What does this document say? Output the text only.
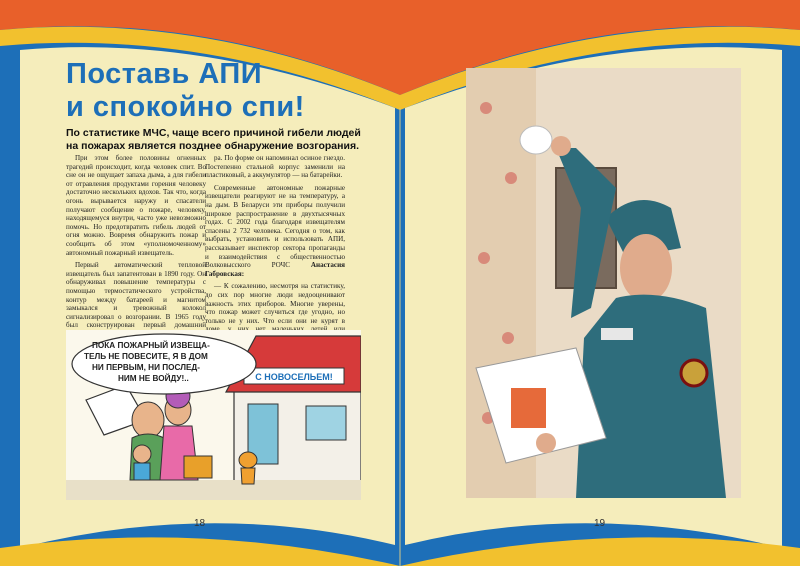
Поставь АПИ
и спокойно спи!
По статистике МЧС, чаще всего причиной гибели людей на пожарах является позднее обнаружение возгорания.

При этом более половины огненных трагедий происходит, когда человек спит. Во сне он не ощущает запаха дыма, а для гибели от отравления продуктами горения человеку достаточно нескольких вдохов. Так что, когда огонь вырывается наружу и спасатели получают сообщение о пожаре, человеку, находящемуся внутри, часто уже невозможно помочь. Но предотвратить гибель людей от огня можно. Вовремя обнаружить пожар и сообщить об этом «уполномоченному» автономный пожарный извещатель.

Первый автоматический тепловой извещатель был запатентован в 1890 году. Он обнаруживал повышение температуры с помощью термостатического устройства, контур между батареей и магнитом замыкался и тревожный колокол сигнализировал о возгорании. В 1965 году был сконструирован первый домашний

ра. По форме он напоминал осиное гнездо. Постепенно стальной корпус заменили на пластиковый, а аккумулятор — на батарейки.

Современные автономные пожарные извещатели реагируют не на температуру, а на дым. В Беларуси эти приборы получили широкое распространение в двухтысячных годах. С 2002 года благодаря извещателям спасены 2 732 человека. Сегодня о том, как выбрать, установить и использовать АПИ, рассказывает инспектор сектора пропаганды и взаимодействия с общественностью Волковысского РОЧС	Анастасия Габровская:

— К сожалению, несмотря на статистику, до сих пор многие люди недооценивают важность этих приборов. Многие уверены, что пожар может случиться где угодно, но только не у них. Что если они не курят в

С НОВОСЕЛЬЕМ!
ПОКА ПОЖАРНЫЙ ИЗВЕЩА- ТЕЛЬ НЕ ПОВЕСИТЕ, Я В ДОМ НИ ПЕРВЫМ, НИ ПОСЛЕД- НИМ НЕ ВОЙДУ!..
18	19
